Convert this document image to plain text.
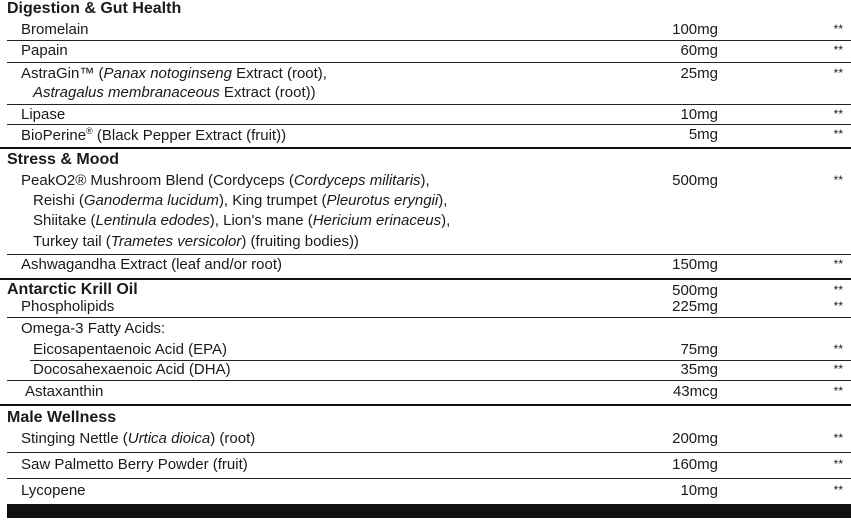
Digestion & Gut Health
Bromelain	100mg	**
Papain	60mg	**
AstraGin™ (Panax notoginseng Extract (root),
Astragalus membranaceous Extract (root))
25mg	**
Lipase	10mg	**
BioPerine® (Black Pepper Extract (fruit))	5mg	**
Stress & Mood
PeakO2® Mushroom Blend (Cordyceps (Cordyceps militaris),
Reishi (Ganoderma lucidum), King trumpet (Pleurotus eryngii),
Shiitake (Lentinula edodes), Lion's mane (Hericium erinaceus),
Turkey tail (Trametes versicolor) (fruiting bodies))
500mg	**
Ashwagandha Extract (leaf and/or root)	150mg	**
Antarctic Krill Oil	500mg	**
Phospholipids	225mg	**
Omega-3 Fatty Acids:
Eicosapentaenoic Acid (EPA)	75mg	**
Docosahexaenoic Acid (DHA)	35mg	**
Astaxanthin	43mcg	**
Male Wellness
Stinging Nettle (Urtica dioica) (root)	200mg	**
Saw Palmetto Berry Powder (fruit)	160mg	**
Lycopene	10mg	**
